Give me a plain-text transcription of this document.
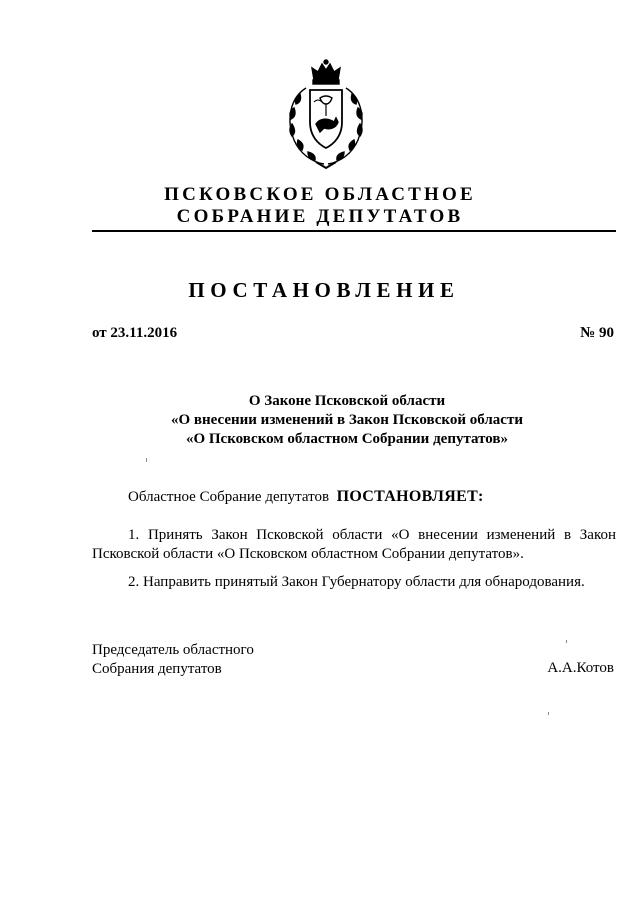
ПСКОВСКОЕ ОБЛАСТНОЕ
СОБРАНИЕ ДЕПУТАТОВ
ПОСТАНОВЛЕНИЕ
от 23.11.2016	№ 90
О Законе Псковской области
«О внесении изменений в Закон Псковской области
«О Псковском областном Собрании депутатов»
Областное Собрание депутатов ПОСТАНОВЛЯЕТ:
1. Принять Закон Псковской области «О внесении изменений в Закон
Псковской области «О Псковском областном Собрании депутатов».
2. Направить принятый Закон Губернатору области для обнародования.
Председатель областного
Собрания депутатов	А.А.Котов
